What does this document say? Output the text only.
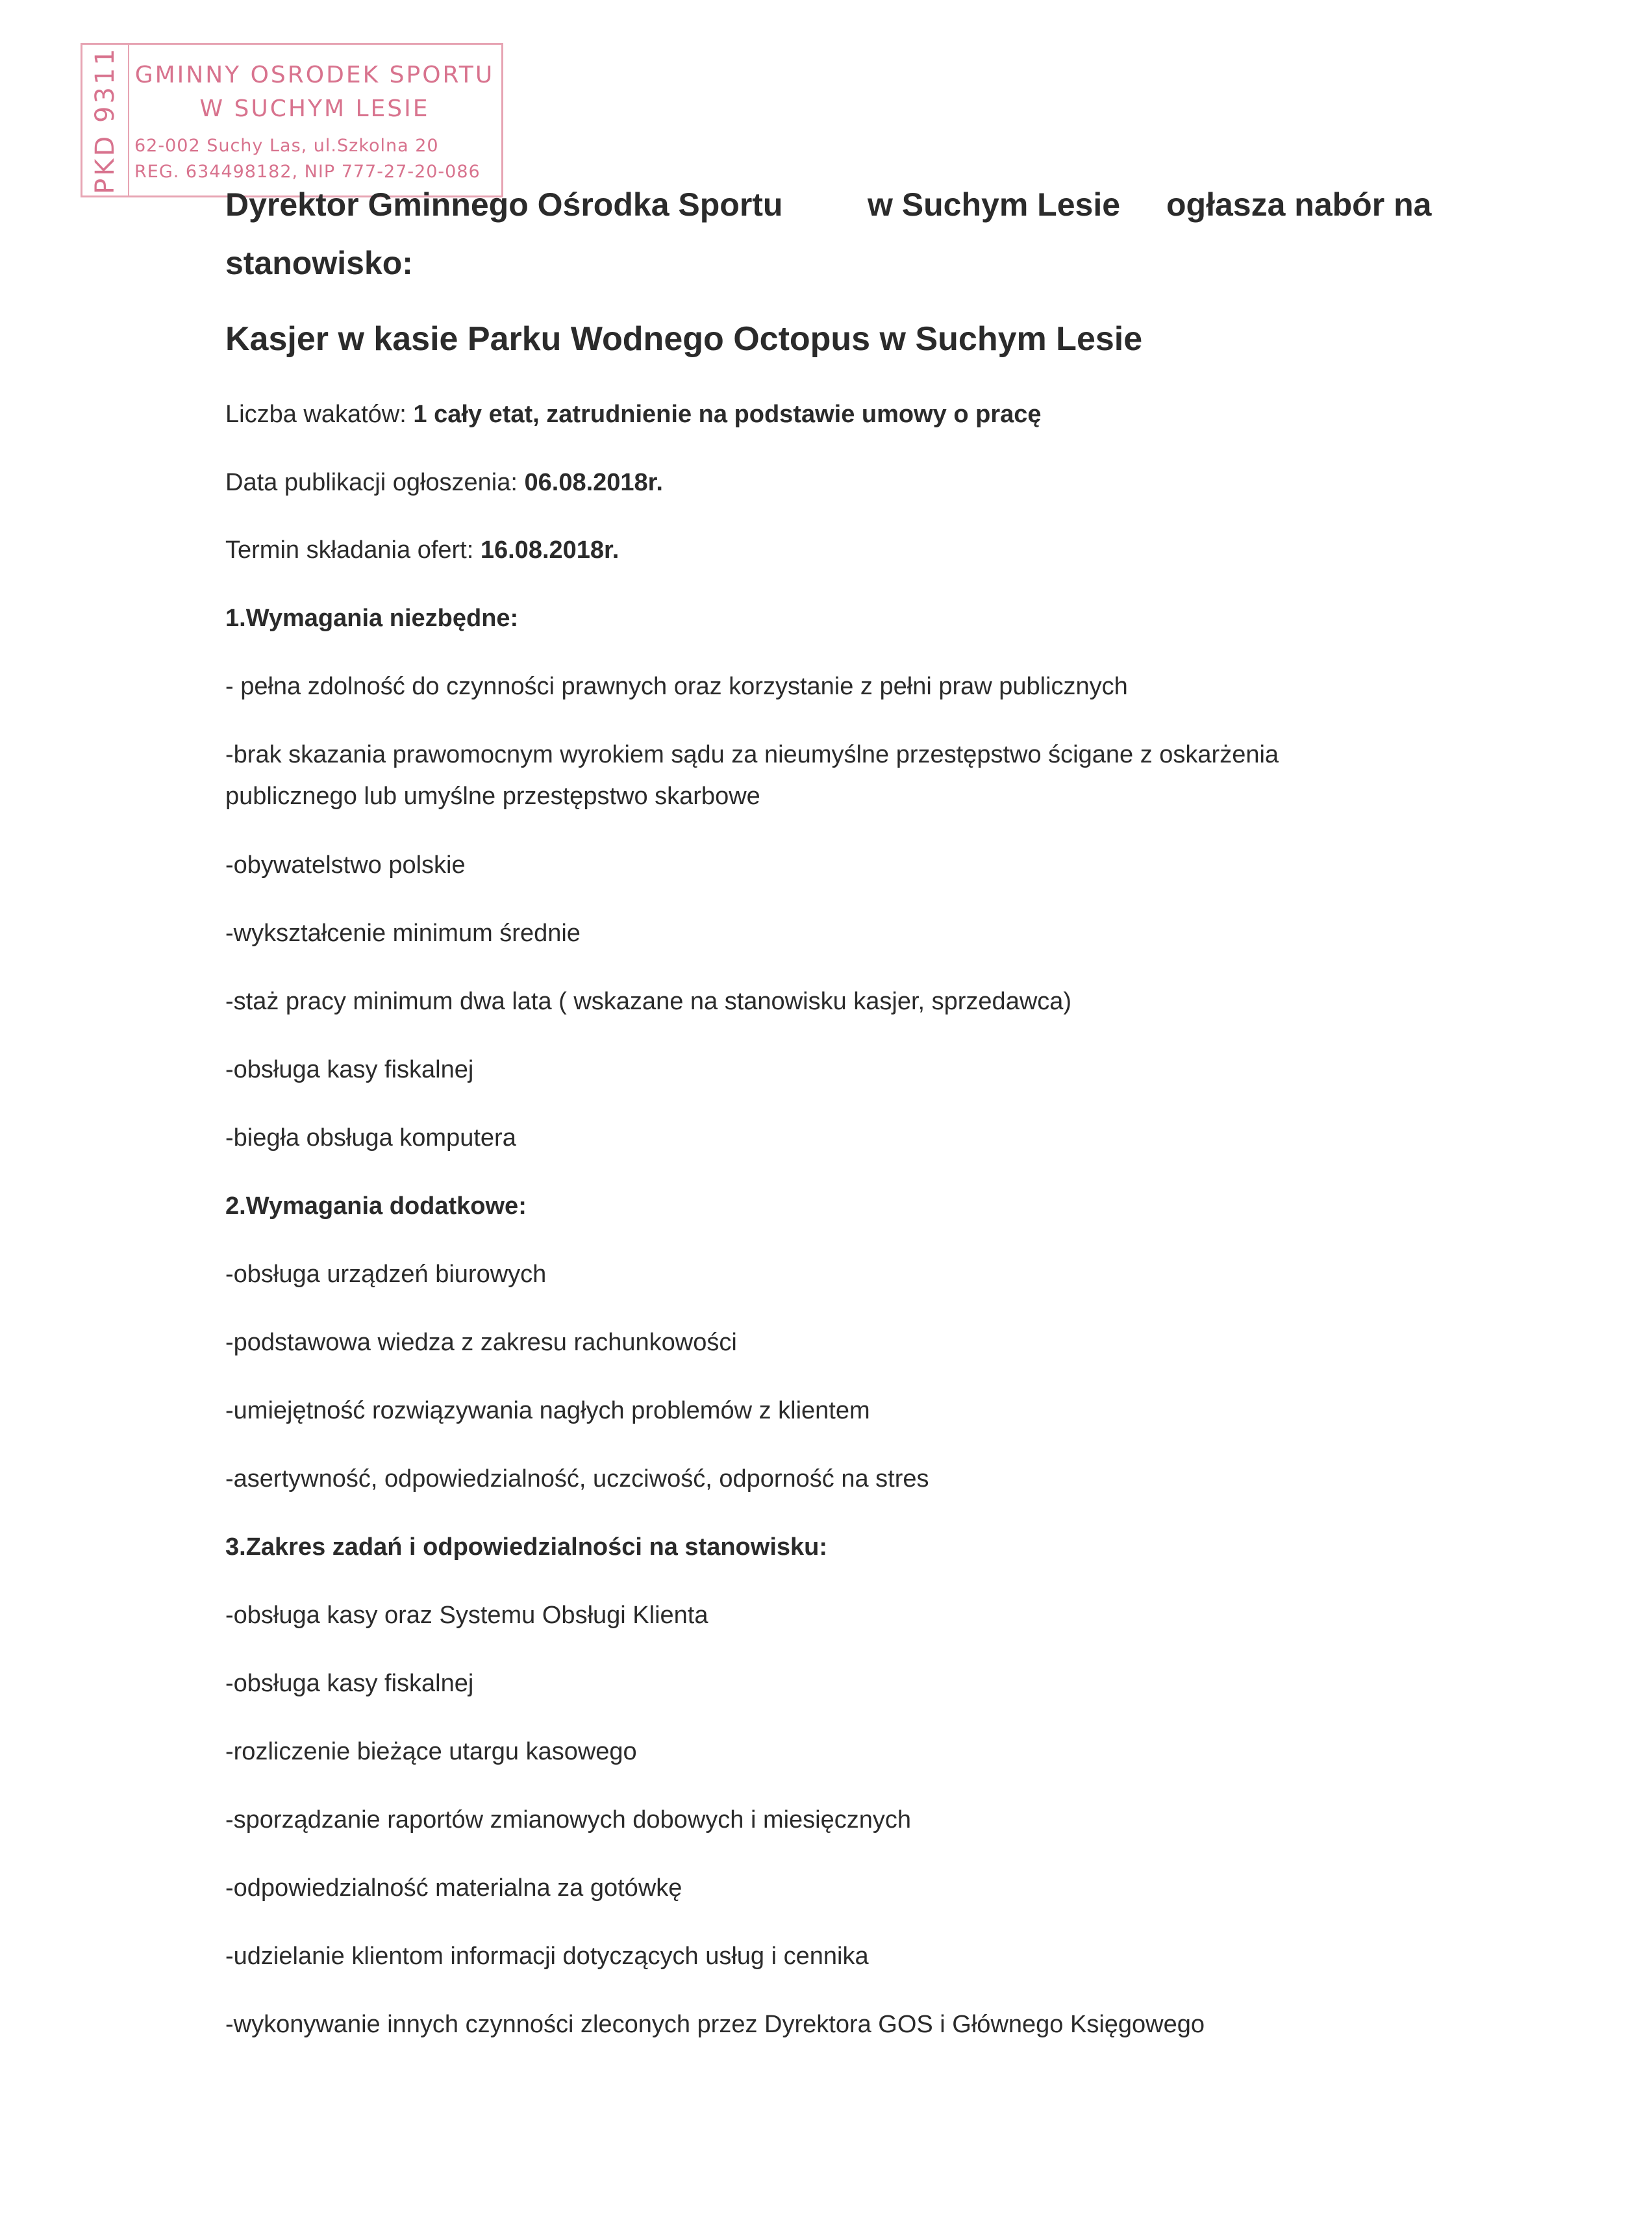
PKD 9311 GMINNY OSRODEK SPORTU
W SUCHYM LESIE
62-002 Suchy Las, ul.Szkolna 20
REG. 634498182, NIP 777-27-20-086
Dyrektor Gminnego Ośrodka Sportu	w Suchym Lesie ogłasza nabór na
stanowisko:
Kasjer w kasie Parku Wodnego Octopus w Suchym Lesie
Liczba wakatów: 1 cały etat, zatrudnienie na podstawie umowy o pracę
Data publikacji ogłoszenia: 06.08.2018r.
Termin składania ofert: 16.08.2018r.
1.Wymagania niezbędne:
- pełna zdolność do czynności prawnych oraz korzystanie z pełni praw publicznych
-brak skazania prawomocnym wyrokiem sądu za nieumyślne przestępstwo ścigane z oskarżenia
publicznego lub umyślne przestępstwo skarbowe
-obywatelstwo polskie
-wykształcenie minimum średnie
-staż pracy minimum dwa lata ( wskazane na stanowisku kasjer, sprzedawca)
-obsługa kasy fiskalnej
-biegła obsługa komputera
2.Wymagania dodatkowe:
-obsługa urządzeń biurowych
-podstawowa wiedza z zakresu rachunkowości
-umiejętność rozwiązywania nagłych problemów z klientem
-asertywność, odpowiedzialność, uczciwość, odporność na stres
3.Zakres zadań i odpowiedzialności na stanowisku:
-obsługa kasy oraz Systemu Obsługi Klienta
-obsługa kasy fiskalnej
-rozliczenie bieżące utargu kasowego
-sporządzanie raportów zmianowych dobowych i miesięcznych
-odpowiedzialność materialna za gotówkę
-udzielanie klientom informacji dotyczących usług i cennika
-wykonywanie innych czynności zleconych przez Dyrektora GOS i Głównego Księgowego
